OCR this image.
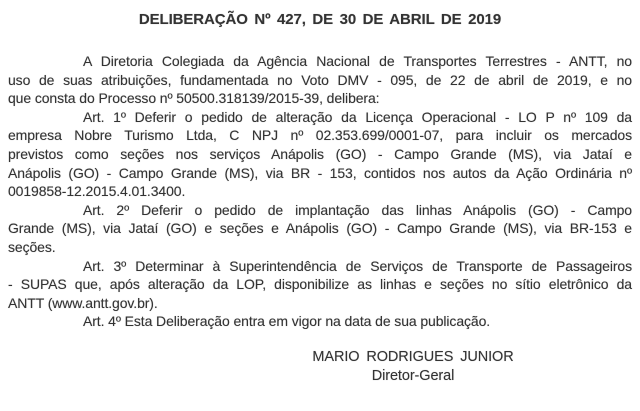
DELIBERAÇÃO Nº 427, DE 30 DE ABRIL DE 2019
A Diretoria Colegiada da Agência Nacional de Transportes Terrestres - ANTT, no
uso de suas atribuições, fundamentada no Voto DMV - 095, de 22 de abril de 2019, e no
que consta do Processo nº 50500.318139/2015-39, delibera:
Art. 1º Deferir o pedido de alteração da Licença Operacional - LO P nº 109 da
empresa Nobre Turismo Ltda, C NPJ nº 02.353.699/0001-07, para incluir os mercados
previstos como seções nos serviços Anápolis (GO) - Campo Grande (MS), via Jataí e
Anápolis (GO) - Campo Grande (MS), via BR - 153, contidos nos autos da Ação Ordinária nº
0019858-12.2015.4.01.3400.
Art. 2º Deferir o pedido de implantação das linhas Anápolis (GO) - Campo
Grande (MS), via Jataí (GO) e seções e Anápolis (GO) - Campo Grande (MS), via BR-153 e
seções.
Art. 3º Determinar à Superintendência de Serviços de Transporte de Passageiros
- SUPAS que, após alteração da LOP, disponibilize as linhas e seções no sítio eletrônico da
ANTT (www.antt.gov.br).
Art. 4º Esta Deliberação entra em vigor na data de sua publicação.
MARIO RODRIGUES JUNIOR
Diretor-Geral
